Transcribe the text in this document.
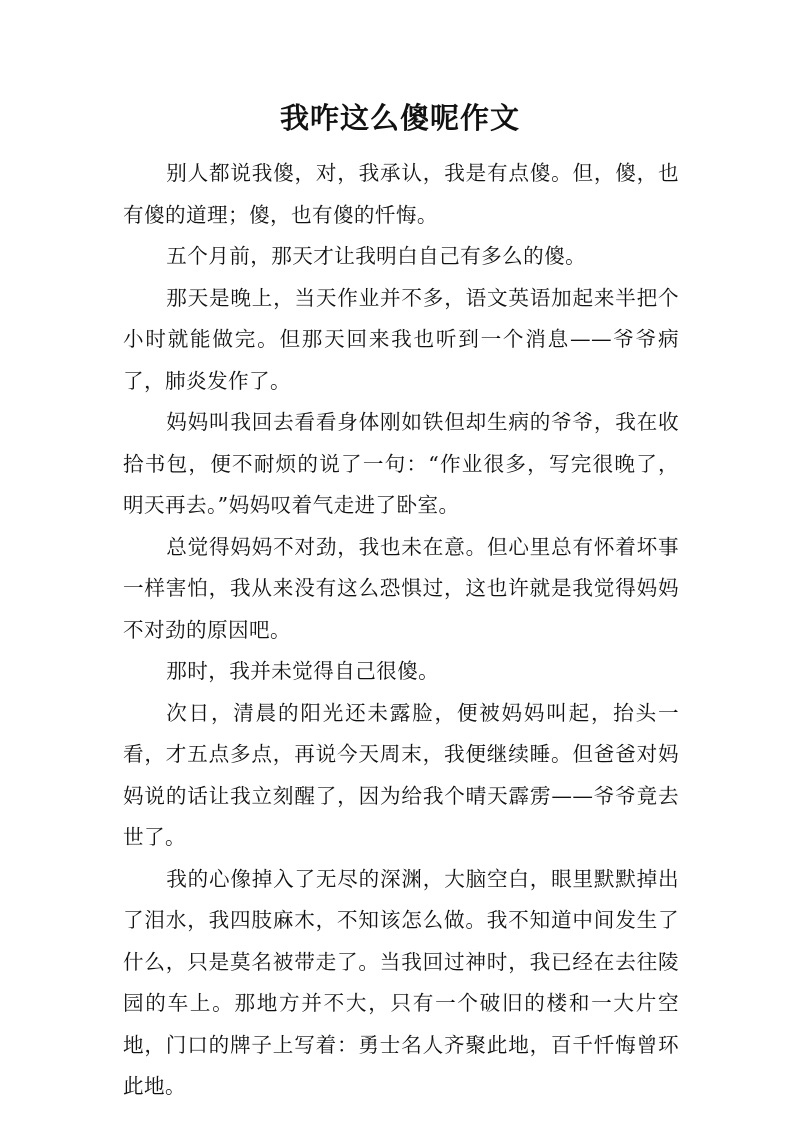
我咋这么傻呢作文

别人都说我傻，对，我承认，我是有点傻。但，傻，也有傻的道理；傻，也有傻的忏悔。

五个月前，那天才让我明白自己有多么的傻。

那天是晚上，当天作业并不多，语文英语加起来半把个小时就能做完。但那天回来我也听到一个消息——爷爷病了，肺炎发作了。

妈妈叫我回去看看身体刚如铁但却生病的爷爷，我在收拾书包，便不耐烦的说了一句：“作业很多，写完很晚了，明天再去。”妈妈叹着气走进了卧室。

总觉得妈妈不对劲，我也未在意。但心里总有怀着坏事一样害怕，我从来没有这么恐惧过，这也许就是我觉得妈妈不对劲的原因吧。

那时，我并未觉得自己很傻。

次日，清晨的阳光还未露脸，便被妈妈叫起，抬头一看，才五点多点，再说今天周末，我便继续睡。但爸爸对妈妈说的话让我立刻醒了，因为给我个晴天霹雳——爷爷竟去世了。

我的心像掉入了无尽的深渊，大脑空白，眼里默默掉出了泪水，我四肢麻木，不知该怎么做。我不知道中间发生了什么，只是莫名被带走了。当我回过神时，我已经在去往陵园的车上。那地方并不大，只有一个破旧的楼和一大片空地，门口的牌子上写着：勇士名人齐聚此地，百千忏悔曾环此地。
